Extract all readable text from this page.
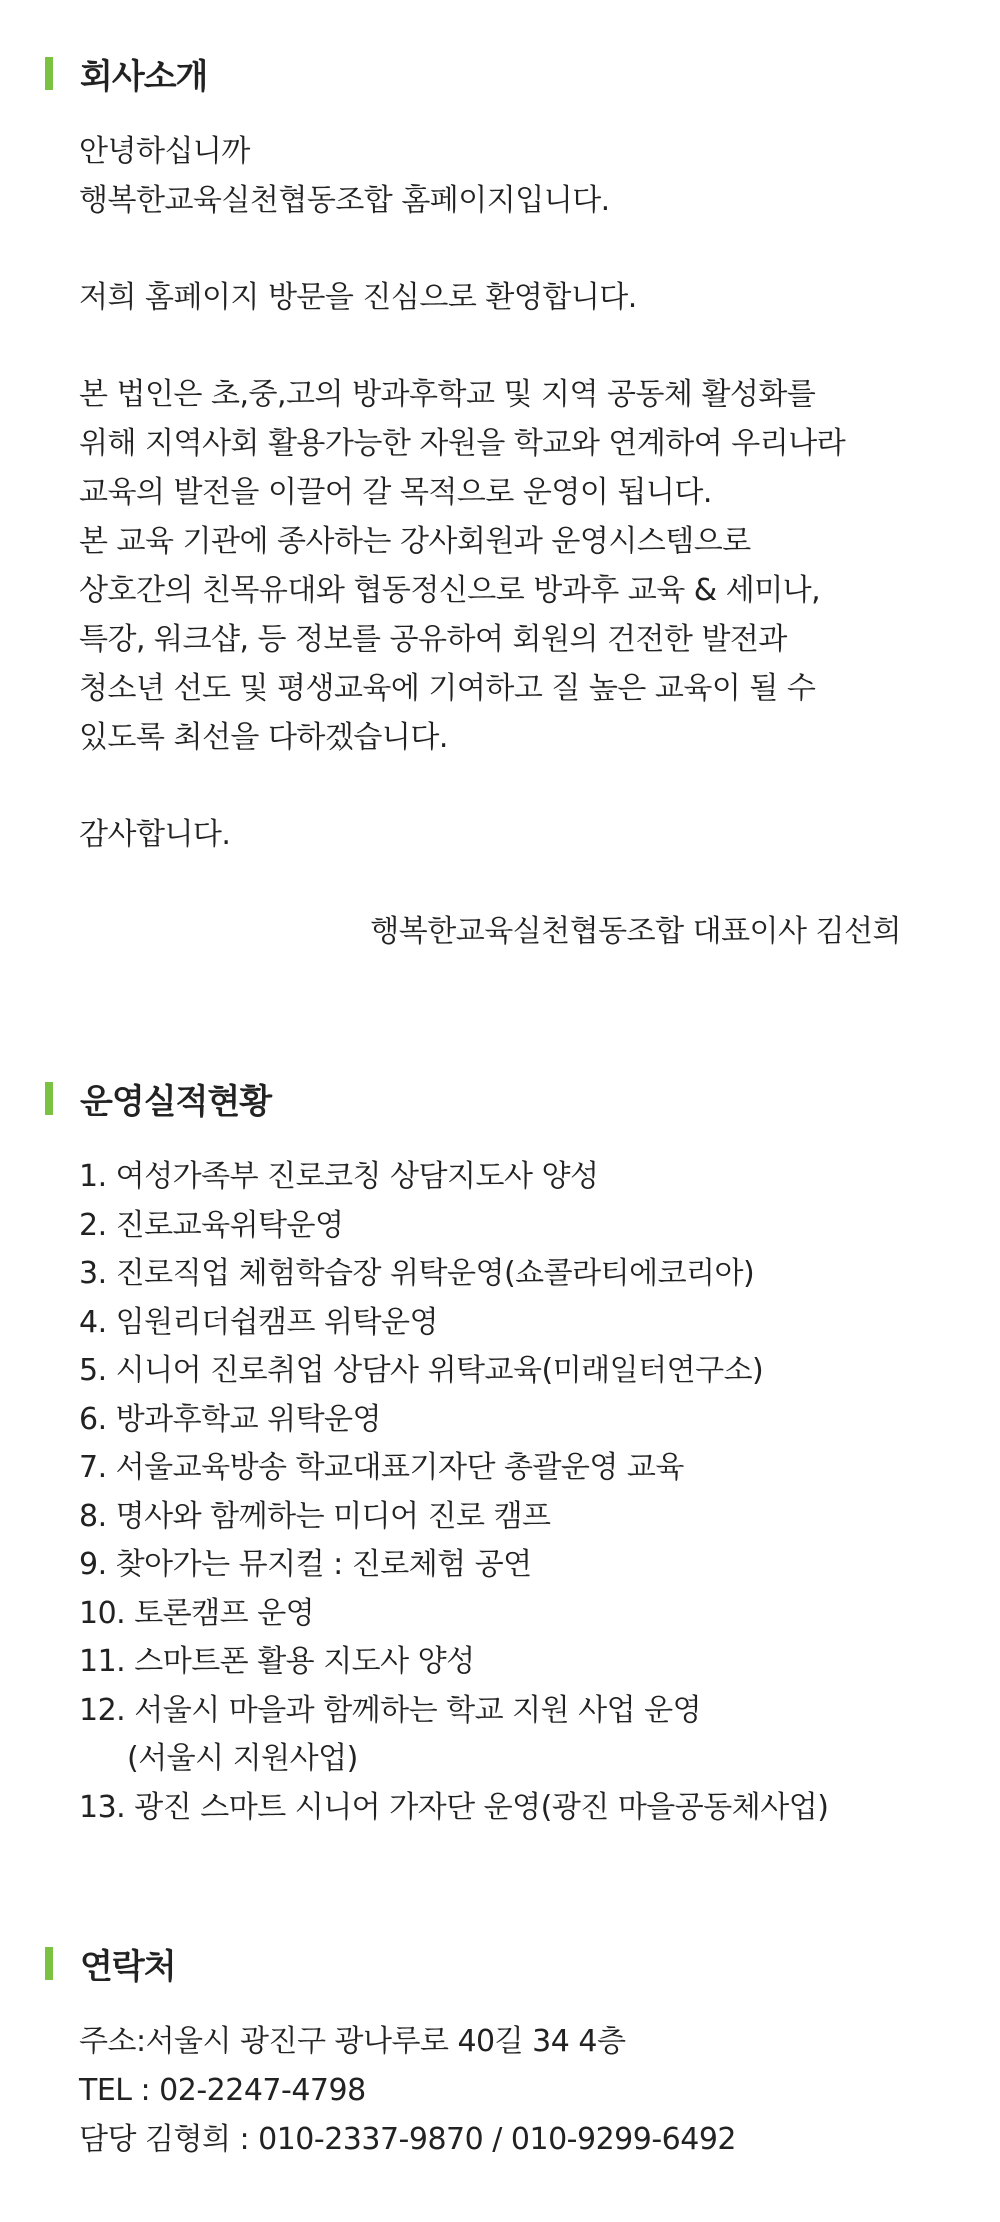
회사소개
안녕하십니까
행복한교육실천협동조합 홈페이지입니다.
저희 홈페이지 방문을 진심으로 환영합니다.
본 법인은 초,중,고의 방과후학교 및 지역 공동체 활성화를
위해 지역사회 활용가능한 자원을 학교와 연계하여 우리나라
교육의 발전을 이끌어 갈 목적으로 운영이 됩니다.
본 교육 기관에 종사하는 강사회원과 운영시스템으로
상호간의 친목유대와 협동정신으로 방과후 교육 & 세미나,
특강, 워크샵, 등 정보를 공유하여 회원의 건전한 발전과
청소년 선도 및 평생교육에 기여하고 질 높은 교육이 될 수
있도록 최선을 다하겠습니다.
감사합니다.
행복한교육실천협동조합 대표이사 김선희
운영실적현황
1. 여성가족부 진로코칭 상담지도사 양성
2. 진로교육위탁운영
3. 진로직업 체험학습장 위탁운영(쇼콜라티에코리아)
4. 임원리더쉽캠프 위탁운영
5. 시니어 진로취업 상담사 위탁교육(미래일터연구소)
6. 방과후학교 위탁운영
7. 서울교육방송 학교대표기자단 총괄운영 교육
8. 명사와 함께하는 미디어 진로 캠프
9. 찾아가는 뮤지컬 : 진로체험 공연
10. 토론캠프 운영
11. 스마트폰 활용 지도사 양성
12. 서울시 마을과 함께하는 학교 지원 사업 운영
(서울시 지원사업)
13. 광진 스마트 시니어 가자단 운영(광진 마을공동체사업)
연락처
주소:서울시 광진구 광나루로 40길 34 4층
TEL : 02-2247-4798
담당 김형희 : 010-2337-9870 / 010-9299-6492
